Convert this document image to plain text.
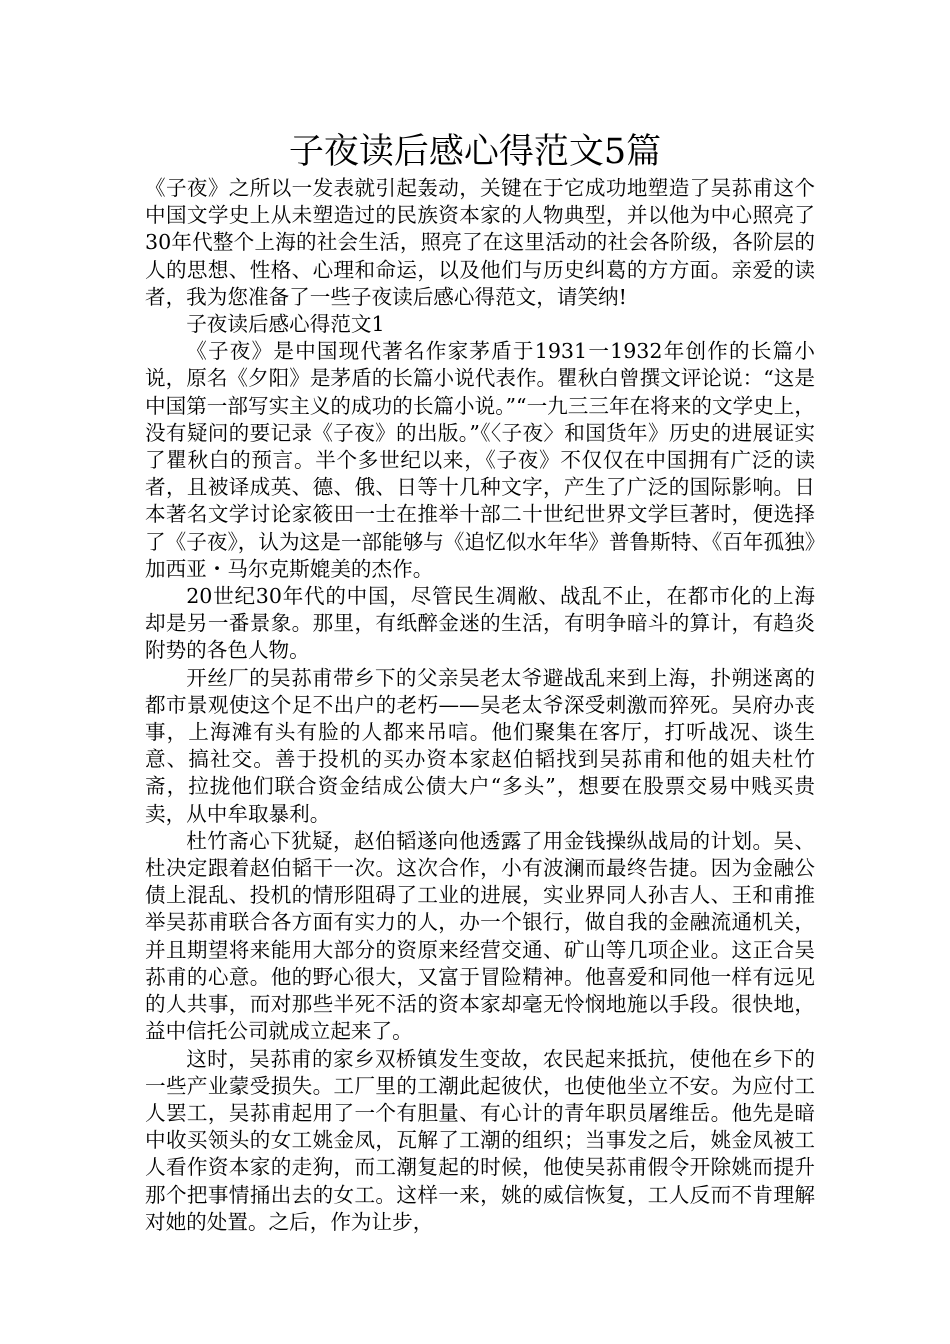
子夜读后感心得范文5篇

《子夜》之所以一发表就引起轰动，关键在于它成功地塑造了吴荪甫这个中国文学史上从未塑造过的民族资本家的人物典型，并以他为中心照亮了30年代整个上海的社会生活，照亮了在这里活动的社会各阶级，各阶层的人的思想、性格、心理和命运，以及他们与历史纠葛的方方面。亲爱的读者，我为您准备了一些子夜读后感心得范文，请笑纳!

子夜读后感心得范文1

《子夜》是中国现代著名作家茅盾于1931一1932年创作的长篇小说，原名《夕阳》是茅盾的长篇小说代表作。瞿秋白曾撰文评论说：“这是中国第一部写实主义的成功的长篇小说。”“一九三三年在将来的文学史上，没有疑问的要记录《子夜》的出版。”《〈子夜〉和国货年》历史的进展证实了瞿秋白的预言。半个多世纪以来，《子夜》不仅仅在中国拥有广泛的读者，且被译成英、德、俄、日等十几种文字，产生了广泛的国际影响。日本著名文学讨论家筱田一士在推举十部二十世纪世界文学巨著时，便选择了《子夜》，认为这是一部能够与《追忆似水年华》普鲁斯特、《百年孤独》加西亚・马尔克斯媲美的杰作。

20世纪30年代的中国，尽管民生凋敝、战乱不止，在都市化的上海却是另一番景象。那里，有纸醉金迷的生活，有明争暗斗的算计，有趋炎附势的各色人物。

开丝厂的吴荪甫带乡下的父亲吴老太爷避战乱来到上海，扑朔迷离的都市景观使这个足不出户的老朽——吴老太爷深受刺激而猝死。吴府办丧事，上海滩有头有脸的人都来吊唁。他们聚集在客厅，打听战况、谈生意、搞社交。善于投机的买办资本家赵伯韬找到吴荪甫和他的姐夫杜竹斋，拉拢他们联合资金结成公债大户“多头”，想要在股票交易中贱买贵卖，从中牟取暴利。

杜竹斋心下犹疑，赵伯韬遂向他透露了用金钱操纵战局的计划。吴、杜决定跟着赵伯韬干一次。这次合作，小有波澜而最终告捷。因为金融公债上混乱、投机的情形阻碍了工业的进展，实业界同人孙吉人、王和甫推举吴荪甫联合各方面有实力的人，办一个银行，做自我的金融流通机关，并且期望将来能用大部分的资原来经营交通、矿山等几项企业。这正合吴荪甫的心意。他的野心很大，又富于冒险精神。他喜爱和同他一样有远见的人共事，而对那些半死不活的资本家却毫无怜悯地施以手段。很快地，益中信托公司就成立起来了。

这时，吴荪甫的家乡双桥镇发生变故，农民起来抵抗，使他在乡下的一些产业蒙受损失。工厂里的工潮此起彼伏，也使他坐立不安。为应付工人罢工，吴荪甫起用了一个有胆量、有心计的青年职员屠维岳。他先是暗中收买领头的女工姚金凤，瓦解了工潮的组织；当事发之后，姚金凤被工人看作资本家的走狗，而工潮复起的时候，他使吴荪甫假令开除姚而提升那个把事情捅出去的女工。这样一来，姚的威信恢复，工人反而不肯理解对她的处置。之后，作为让步，
